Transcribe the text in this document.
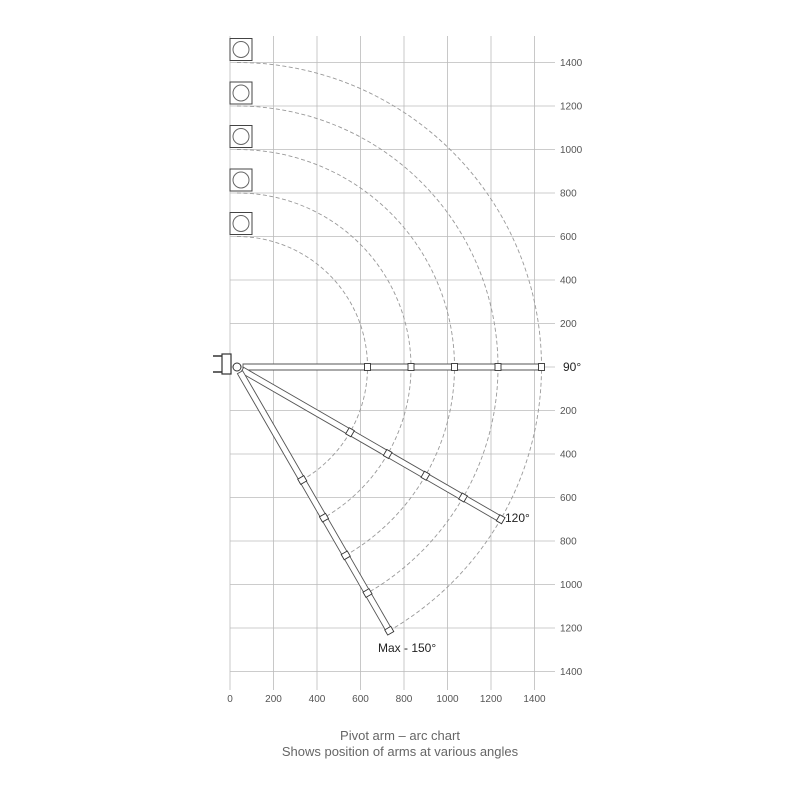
1400
1200
1000
800
600
400
200
200
400
600
800
1000
1200
1400
0	200	400	600	800 1000 1200 1400
90°
120°
Max - 150°
Pivot arm – arc chart
Shows position of arms at various angles
